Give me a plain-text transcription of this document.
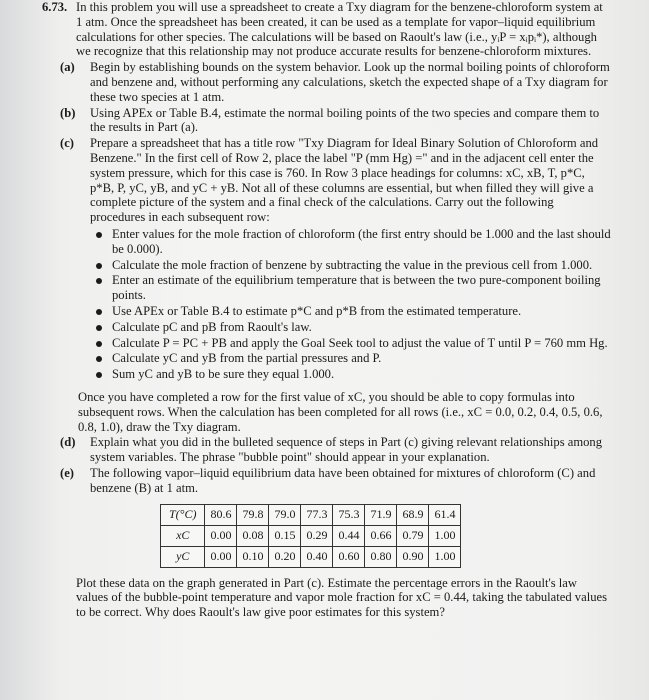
6.73. In this problem you will use a spreadsheet to create a Txy diagram for the benzene-chloroform system at 1 atm. Once the spreadsheet has been created, it can be used as a template for vapor–liquid equilibrium calculations for other species. The calculations will be based on Raoult's law (i.e., yᵢP = xᵢpᵢ*), although we recognize that this relationship may not produce accurate results for benzene-chloroform mixtures.
(a)	Begin by establishing bounds on the system behavior. Look up the normal boiling points of chloroform and benzene and, without performing any calculations, sketch the expected shape of a Txy diagram for these two species at 1 atm.
(b)	Using APEx or Table B.4, estimate the normal boiling points of the two species and compare them to the results in Part (a).
(c)	Prepare a spreadsheet that has a title row "Txy Diagram for Ideal Binary Solution of Chloroform and Benzene." In the first cell of Row 2, place the label "P (mm Hg) =" and in the adjacent cell enter the system pressure, which for this case is 760. In Row 3 place headings for columns: xC, xB, T, p*C, p*B, P, yC, yB, and yC + yB. Not all of these columns are essential, but when filled they will give a complete picture of the system and a final check of the calculations. Carry out the following procedures in each subsequent row:
Enter values for the mole fraction of chloroform (the first entry should be 1.000 and the last should be 0.000).
Calculate the mole fraction of benzene by subtracting the value in the previous cell from 1.000.
Enter an estimate of the equilibrium temperature that is between the two pure-component boiling points.
Use APEx or Table B.4 to estimate p*C and p*B from the estimated temperature.
Calculate pC and pB from Raoult's law.
Calculate P = PC + PB and apply the Goal Seek tool to adjust the value of T until P = 760 mm Hg.
Calculate yC and yB from the partial pressures and P.
Sum yC and yB to be sure they equal 1.000.
Once you have completed a row for the first value of xC, you should be able to copy formulas into subsequent rows. When the calculation has been completed for all rows (i.e., xC = 0.0, 0.2, 0.4, 0.5, 0.6, 0.8, 1.0), draw the Txy diagram.
(d)	Explain what you did in the bulleted sequence of steps in Part (c) giving relevant relationships among system variables. The phrase "bubble point" should appear in your explanation.
(e)	The following vapor–liquid equilibrium data have been obtained for mixtures of chloroform (C) and benzene (B) at 1 atm.
T(°C)	80.6	79.8	79.0	77.3	75.3	71.9	68.9	61.4
xC	0.00	0.08	0.15	0.29	0.44	0.66	0.79	1.00
yC	0.00	0.10	0.20	0.40	0.60	0.80	0.90	1.00
Plot these data on the graph generated in Part (c). Estimate the percentage errors in the Raoult's law values of the bubble-point temperature and vapor mole fraction for xC = 0.44, taking the tabulated values to be correct. Why does Raoult's law give poor estimates for this system?
